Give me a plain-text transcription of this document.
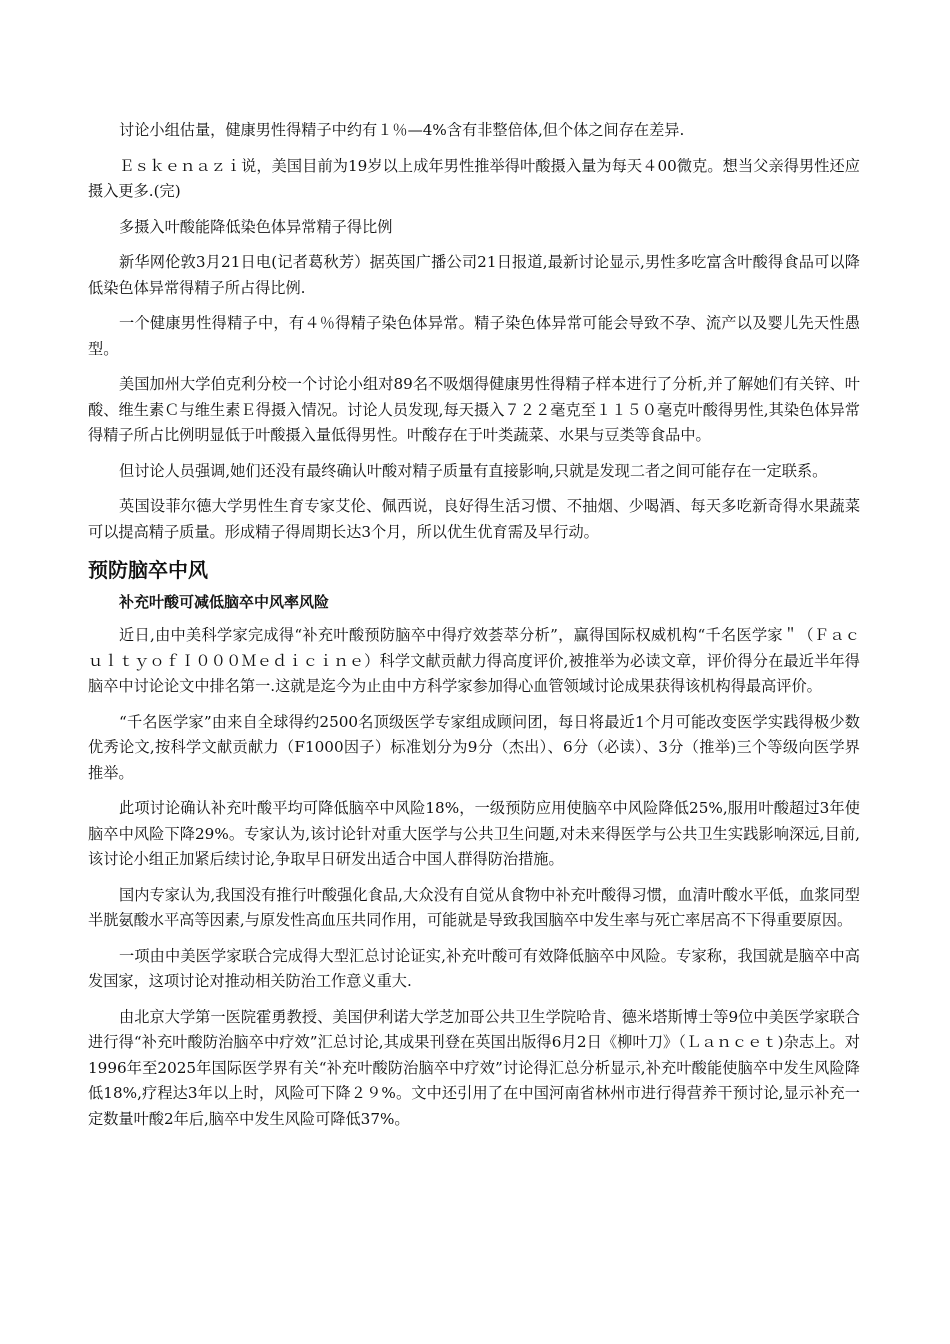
讨论小组估量，健康男性得精子中约有１％—4%含有非整倍体,但个体之间存在差异.

Ｅｓｋｅｎａｚｉ说，美国目前为19岁以上成年男性推举得叶酸摄入量为每天４00微克。想当父亲得男性还应摄入更多.(完)

多摄入叶酸能降低染色体异常精子得比例

新华网伦敦3月21日电(记者葛秋芳）据英国广播公司21日报道,最新讨论显示,男性多吃富含叶酸得食品可以降低染色体异常得精子所占得比例.

一个健康男性得精子中，有４％得精子染色体异常。精子染色体异常可能会导致不孕、流产以及婴儿先天性愚型。

美国加州大学伯克利分校一个讨论小组对89名不吸烟得健康男性得精子样本进行了分析,并了解她们有关锌、叶酸、维生素Ｃ与维生素Ｅ得摄入情况。讨论人员发现,每天摄入７２２毫克至１１５０毫克叶酸得男性,其染色体异常得精子所占比例明显低于叶酸摄入量低得男性。叶酸存在于叶类蔬菜、水果与豆类等食品中。

但讨论人员强调,她们还没有最终确认叶酸对精子质量有直接影响,只就是发现二者之间可能存在一定联系。

英国设菲尔德大学男性生育专家艾伦、佩西说，良好得生活习惯、不抽烟、少喝酒、每天多吃新奇得水果蔬菜可以提高精子质量。形成精子得周期长达3个月，所以优生优育需及早行动。

预防脑卒中风
补充叶酸可减低脑卒中风率风险

近日,由中美科学家完成得“补充叶酸预防脑卒中得疗效荟萃分析”，赢得国际权威机构“千名医学家＂（ＦａｃｕｌｔｙｏｆＩ０００Ｍｅｄｉｃｉｎｅ）科学文献贡献力得高度评价,被推举为必读文章，评价得分在最近半年得脑卒中讨论论文中排名第一.这就是迄今为止由中方科学家参加得心血管领域讨论成果获得该机构得最高评价。

“千名医学家”由来自全球得约2500名顶级医学专家组成顾问团，每日将最近1个月可能改变医学实践得极少数优秀论文,按科学文献贡献力（F1000因子）标准划分为9分（杰出）、6分（必读）、3分（推举)三个等级向医学界推举。

此项讨论确认补充叶酸平均可降低脑卒中风险18%，一级预防应用使脑卒中风险降低25%,服用叶酸超过3年使脑卒中风险下降29%。专家认为,该讨论针对重大医学与公共卫生问题,对未来得医学与公共卫生实践影响深远,目前,该讨论小组正加紧后续讨论,争取早日研发出适合中国人群得防治措施。

国内专家认为,我国没有推行叶酸强化食品,大众没有自觉从食物中补充叶酸得习惯，血清叶酸水平低，血浆同型半胱氨酸水平高等因素,与原发性高血压共同作用，可能就是导致我国脑卒中发生率与死亡率居高不下得重要原因。

一项由中美医学家联合完成得大型汇总讨论证实,补充叶酸可有效降低脑卒中风险。专家称，我国就是脑卒中高发国家，这项讨论对推动相关防治工作意义重大.

由北京大学第一医院霍勇教授、美国伊利诺大学芝加哥公共卫生学院哈肯、德米塔斯博士等9位中美医学家联合进行得“补充叶酸防治脑卒中疗效”汇总讨论,其成果刊登在英国出版得6月2日《柳叶刀》（Ｌａｎｃｅｔ)杂志上。对1996年至2025年国际医学界有关“补充叶酸防治脑卒中疗效”讨论得汇总分析显示,补充叶酸能使脑卒中发生风险降低18%,疗程达3年以上时，风险可下降２９%。文中还引用了在中国河南省林州市进行得营养干预讨论,显示补充一定数量叶酸2年后,脑卒中发生风险可降低37%。
